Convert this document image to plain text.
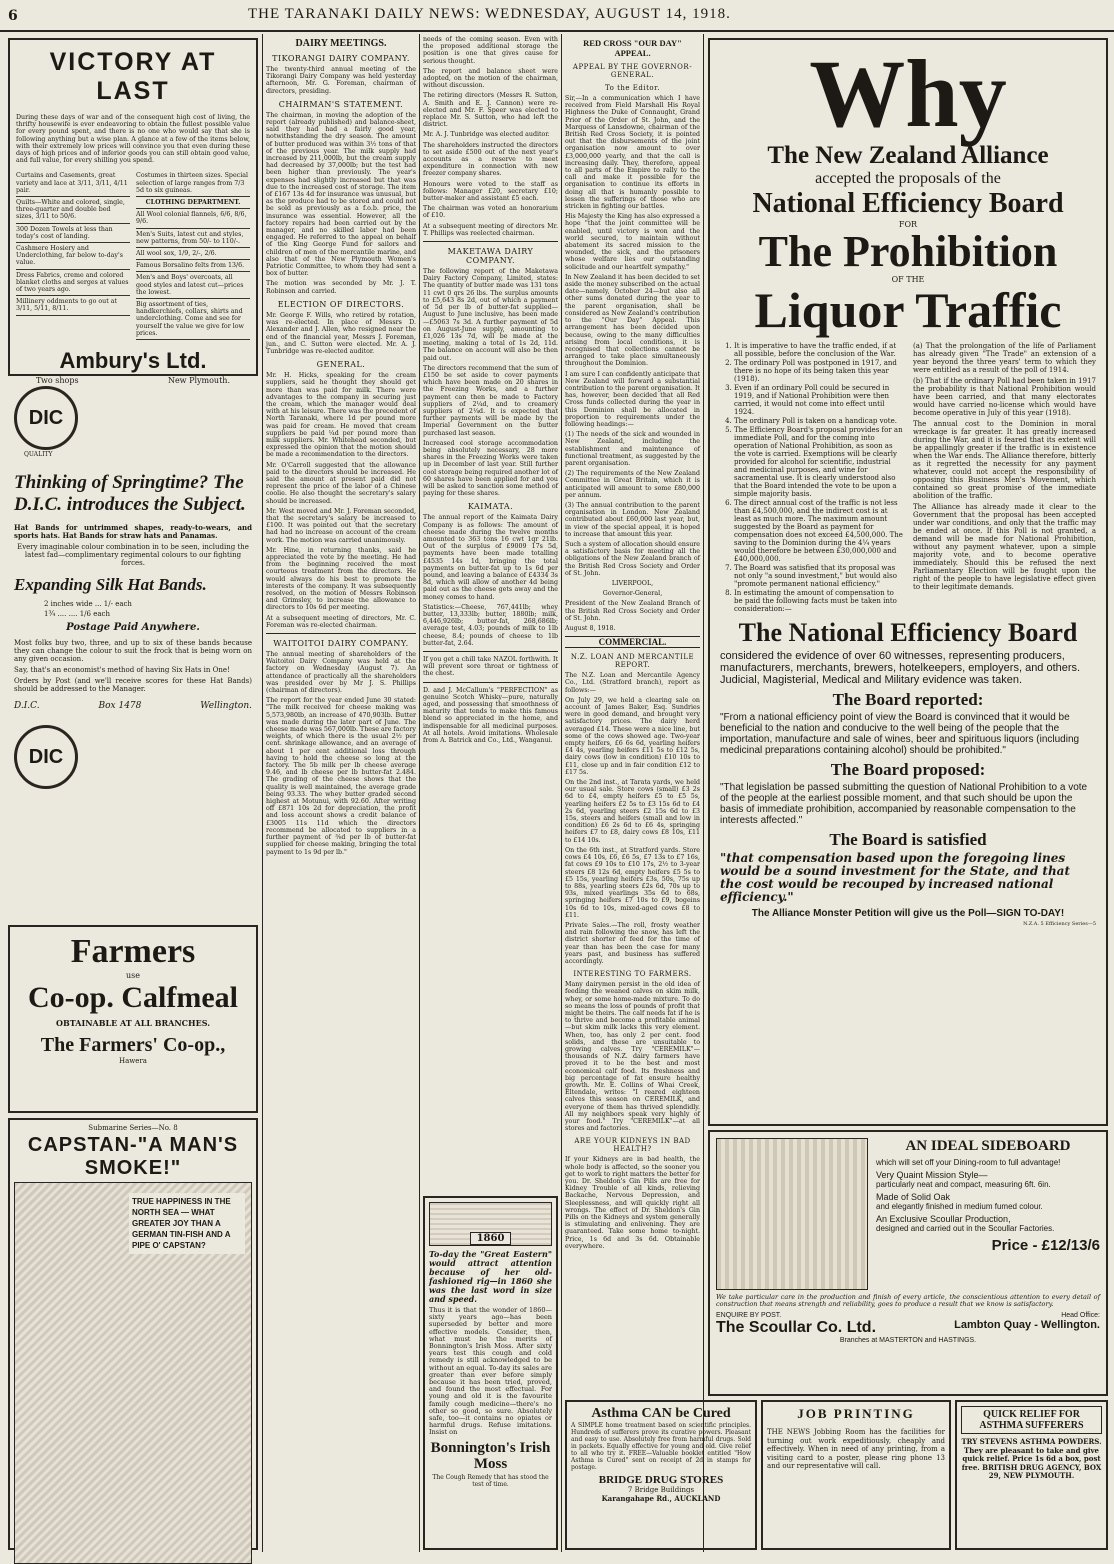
6	THE TARANAKI DAILY NEWS: WEDNESDAY, AUGUST 14, 1918.
VICTORY AT LAST

During these days of war and of the consequent high cost of living, the thrifty housewife is ever endeavoring to obtain the fullest possible value for every pound spent, and there is no one who would say that she is following anything but a wise plan. A glance at a few of the items below, with their extremely low prices will convince you that even during these days of high prices and of inferior goods you can still obtain good value, and full value, for every shilling you spend.

Curtains and Casements, great variety and lace at 3/11, 3/11, 4/11 pair.

Quilts—White and colored, single, three-quarter and double bed sizes, 3/11 to 50/6.

300 Dozen Towels at less than today's cost of landing.

Cashmere Hosiery and Underclothing, far below to-day's value.

Dress Fabrics, creme and colored blanket cloths and serges at values of two years ago.

Millinery oddments to go out at 3/11, 5/11, 8/11.

Costumes in thirteen sizes. Special selection of large ranges from 7/3 5d to six guineas.

CLOTHING DEPARTMENT.

All Wool colonial flannels, 6/6, 8/6, 9/6.

Men's Suits, latest cut and styles, new patterns, from 50/- to 110/-.

All wool sox, 1/9, 2/-, 2/6.

Famous Borsalino felts from 13/6.

Men's and Boys' overcoats, all good styles and latest cut—prices the lowest.

Big assortment of ties, handkerchiefs, collars, shirts and underclothing. Come and see for yourself the value we give for low prices.

Ambury's Ltd.
Two shops	New Plymouth.
DIC
QUALITY
Thinking of Springtime? The D.I.C. introduces the Subject.

Hat Bands for untrimmed shapes, ready-to-wears, and sports hats. Hat Bands for straw hats and Panamas.

Every imaginable colour combination in to be seen, including the latest fad—complimentary regimental colours to our fighting forces.

Expanding Silk Hat Bands.

2 inches wide ... 1/- each

1¾ .... .... 1/6 each

Postage Paid Anywhere.

Most folks buy two, three, and up to six of these bands because they can change the colour to suit the frock that is being worn on any given occasion.

Say, that's an economist's method of having Six Hats in One!

Orders by Post (and we'll receive scores for these Hat Bands) should be addressed to the Manager.

D.I.C.	Box 1478	Wellington.
DIC
Farmers
use
Co-op. Calfmeal
OBTAINABLE AT ALL BRANCHES.
The Farmers' Co-op.,
Hawera
Submarine Series—No. 8
CAPSTAN-"A MAN'S SMOKE!"
TRUE HAPPINESS IN THE NORTH SEA — WHAT GREATER JOY THAN A GERMAN TIN-FISH AND A PIPE O' CAPSTAN?
DAIRY MEETINGS.
TIKORANGI DAIRY COMPANY.

The twenty-third annual meeting of the Tikorangi Dairy Company was held yesterday afternoon, Mr. G. Foreman, chairman of directors, presiding.

CHAIRMAN'S STATEMENT.

The chairman, in moving the adoption of the report (already published) and balance-sheet, said they had had a fairly good year, notwithstanding the dry season. The amount of butter produced was within 3½ tons of that of the previous year. The milk supply had increased by 211,000lb, but the cream supply had decreased by 37,000lb; but the test had been higher than previously. The year's expenses had slightly increased but that was due to the increased cost of storage. The item of £167 13s 4d for insurance was unusual, but as the produce had to be stored and could not be sold as previously as a f.o.b. price, the insurance was essential. However, all the factory repairs had been carried out by the manager, and no skilled labor had been engaged. He referred to the appeal on behalf of the King George Fund for sailors and children of men of the mercantile marine, and also that of the New Plymouth Women's Patriotic Committee, to whom they had sent a box of butter.

The motion was seconded by Mr. J. T. Robinson and carried.

ELECTION OF DIRECTORS.

Mr. George F. Wills, who retired by rotation, was re-elected. In place of Messrs D. Alexander and J. Allen, who resigned near the end of the financial year, Messrs J. Foreman, jun., and C. Sutton were elected. Mr. A. J. Tunbridge was re-elected auditor.

GENERAL.

Mr. H. Hicks, speaking for the cream suppliers, said he thought they should get more than was paid for milk. There were advantages to the company in securing just the cream, which the manager would deal with at his leisure. There was the precedent of North Taranaki, where 1d per pound more was paid for cream. He moved that cream suppliers be paid ¼d per pound more than milk suppliers. Mr. Whitehead seconded, but expressed the opinion that the motion should be made a recommendation to the directors.

Mr. O'Carroll suggested that the allowance paid to the directors should be increased. He said the amount at present paid did not represent the price of the labor of a Chinese coolie. He also thought the secretary's salary should be increased.

Mr. West moved and Mr. J. Foreman seconded, that the secretary's salary be increased to £100. It was pointed out that the secretary had had no increase on account of the cream work. The motion was carried unanimously.

Mr. Hine, in returning thanks, said he appreciated the vote by the meeting. He had from the beginning received the most courteous treatment from the directors. He would always do his best to promote the interests of the company. It was subsequently resolved, on the motion of Messrs Robinson and Grimsley, to increase the allowance to directors to 10s 6d per meeting.

At a subsequent meeting of directors, Mr. C. Foreman was re-elected chairman.

WAITOITOI DAIRY COMPANY.

The annual meeting of shareholders of the Waitoitoi Dairy Company was held at the factory on Wednesday (August 7). An attendance of practically all the shareholders was presided over by Mr J. S. Phillips (chairman of directors).

The report for the year ended June 30 stated: "The milk received for cheese making was 5,573,980lb, an increase of 470,903lb. Butter was made during the later part of June. The cheese made was 567,000lb. These are factory weights, of which there is the usual 2½ per cent. shrinkage allowance, and an average of about 1 per cent additional loss through having to hold the cheese so long at the factory. The 5b milk per lb cheese average 9.46, and lb cheese per lb butter-fat 2.484. The grading of the cheese shows that the quality is well maintained, the average grade being 93.33. The whey butter graded second highest at Motunui, with 92.60. After writing off £871 10s 2d for depreciation, the profit and loss account shows a credit balance of £3005 11s 11d which the directors recommend be allocated to suppliers in a further payment of ⅜d per lb of butter-fat supplied for cheese making, bringing the total payment to 1s 9d per lb."

needs of the coming season. Even with the proposed additional storage the position is one that gives cause for serious thought.

The report and balance sheet were adopted, on the motion of the chairman, without discussion.

The retiring directors (Messrs R. Sutton, A. Smith and E. J. Cannon) were re-elected and Mr. F. Speer was elected to replace Mr. S. Sutton, who had left the district.

Mr. A. J. Tunbridge was elected auditor.

The shareholders instructed the directors to set aside £500 out of the next year's accounts as a reserve to meet expenditure in connection with new freezer company shares.

Honours were voted to the staff as follows: Manager £20, secretary £10; butter-maker and assistant £5 each.

The chairman was voted an honorarium of £10.

At a subsequent meeting of directors Mr. T. Phillips was reelected chairman.

MAKETAWA DAIRY COMPANY.

The following report of the Maketawa Dairy Factory Company, Limited, states: The quantity of butter made was 131 tons 11 cwt 0 qrs 26 lbs. The surplus amounts to £5,643 8s 2d, out of which a payment of 5d per lb of butter-fat supplied—August to June inclusive, has been made—£5063 7s 3d. A further payment of 5d on August-June supply, amounting to £1,026 13s 7d, will be made at the meeting, making a total of 1s 2d, 11d. The balance on account will also be then paid out.

The directors recommend that the sum of £150 be set aside to cover payments which have been made on 20 shares in the Freezing Works, and a further payment can then be made to Factory suppliers of 2¼d, and to creamery suppliers of 2¼d. It is expected that further payments will be made by the Imperial Government on the butter purchased last season.

Increased cool storage accommodation being absolutely necessary, 28 more shares in the Freezing Works were taken up in December of last year. Still further cool storage being required another lot of 60 shares have been applied for and you will be asked to sanction some method of paying for these shares.

KAIMATA.

The annual report of the Kaimata Dairy Company is as follows: The amount of cheese made during the twelve months amounted to 363 tons 16 cwt 1qr 21lb. Out of the surplus of £9009 17s 5d, payments have been made totalling £4535 14s 1d, bringing the total payments on butter-fat up to 1s 6d per pound, and leaving a balance of £4334 3s 8d, which will allow of another 4d being paid out as the cheese gets away and the money comes to hand.

Statistics:—Cheese, 767,441lb; whey butter, 13,333lb; butter, 1880lb; milk, 6,446,926lb; butter-fat, 268,686lb; average test, 4.03; pounds of milk to 1lb cheese, 8.4; pounds of cheese to 1lb butter-fat, 2.64.

If you get a chill take NAZOL forthwith. It will prevent sore throat or tightness of the chest.

D. and J. McCallum's "PERFECTION" as genuine Scotch Whisky—pure, naturally aged, and possessing that smoothness of maturity that tends to make this famous blend so appreciated in the home, and indispensable for all medicinal purposes. At all hotels. Avoid imitations. Wholesale from A. Batrick and Co., Ltd., Wanganui.

1860

To-day the "Great Eastern" would attract attention because of her old-fashioned rig—in 1860 she was the last word in size and speed.

Thus it is that the wonder of 1860—sixty years ago—has been superseded by better and more effective models. Consider, then, what must be the merits of Bonnington's Irish Moss. After sixty years test this cough and cold remedy is still acknowledged to be without an equal. To-day its sales are greater than ever before simply because it has been tried, proved, and found the most effectual. For young and old it is the favourite family cough medicine—there's no other so good, so sure. Absolutely safe, too—it contains no opiates or harmful drugs. Refuse imitations. Insist on

Bonnington's Irish Moss
The Cough Remedy that has stood the test of time.
RED CROSS "OUR DAY" APPEAL.
APPEAL BY THE GOVERNOR-GENERAL.
To the Editor.

Sir,—In a communication which I have received from Field Marshall His Royal Highness the Duke of Connaught, Grand Prior of the Order of St. John, and the Marquess of Lansdowne, chairman of the British Red Cross Society, it is pointed out that the disbursements of the joint organisation now amount to over £3,000,000 yearly, and that the call is increasing daily. They, therefore, appeal to all parts of the Empire to rally to the call and make it possible for the organisation to continue its efforts in doing all that is humanly possible to lessen the sufferings of those who are stricken in fighting our battles.

His Majesty the King has also expressed a hope "that the joint committee will be enabled, until victory is won and the world secured, to maintain without abatement its sacred mission to the wounded, the sick, and the prisoners whose welfare lies our outstanding solicitude and our heartfelt sympathy."

In New Zealand it has been decided to set aside the money subscribed on the actual date—namely, October 24—but also all other sums donated during the year to the parent organisation, shall be considered as New Zealand's contribution to the "Our Day" Appeal. This arrangement has been decided upon because, owing to the many difficulties arising from local conditions, it is recognised that collections cannot be arranged to take place simultaneously throughout the Dominion.

I am sure I can confidently anticipate that New Zealand will forward a substantial contribution to the parent organisation. It has, however, been decided that all Red Cross funds collected during the year in this Dominion shall be allocated in proportion to requirements under the following headings:—

(1) The needs of the sick and wounded in New Zealand, including the establishment and maintenance of functional treatment, as suggested by the parent organisation.

(2) The requirements of the New Zealand Committee in Great Britain, which it is anticipated will amount to some £80,000 per annum.

(3) The annual contribution to the parent organisation in London. New Zealand contributed about £60,000 last year, but, in view of the special appeal, it is hoped to increase that amount this year.

Such a system of allocation should ensure a satisfactory basis for meeting all the obligations of the New Zealand branch of the British Red Cross Society and Order of St. John.

LIVERPOOL,

Governor-General,

President of the New Zealand Branch of the British Red Cross Society and Order of St. John.

August 8, 1918.

COMMERCIAL.
N.Z. LOAN AND MERCANTILE REPORT.

The N.Z. Loan and Mercantile Agency Co., Ltd. (Stratford branch), report as follows:—

On July 29, we held a clearing sale on account of James Baker, Esq. Sundries were in good demand, and brought very satisfactory prices. The dairy herd averaged £14. These were a nice line, but some of the cows showed age. Two-year empty heifers, £6 6s 6d, yearling heifers £4 4s, yearling heifers £11 5s to £12 5s, dairy cows (low in condition) £10 10s to £11, close up and in fair condition £12 to £17 5s.

On the 2nd inst., at Tarata yards, we held our usual sale. Store cows (small) £3 2s 6d to £4, empty heifers £5 to £5 5s, yearling heifers £2 5s to £3 15s 6d to £4 2s 6d, yearling steers £2 15s 6d to £3 15s, steers and heifers (small and low in condition) £6 2s 6d to £6 4s, springing heifers £7 to £8, dairy cows £8 10s, £11 to £14 10s.

On the 6th inst., at Stratford yards. Store cows £4 10s, £6, £6 5s, £7 13s to £7 16s, fat cows £9 10s to £10 17s, 2½ to 3-year steers £8 12s 6d, empty heifers £5 5s to £5 15s, yearling heifers £3s, 50s, 75s up to 88s, yearling steers £2s 6d, 70s up to 93s, mixed yearlings 35s 6d to 68s, springing heifers £7 10s to £9, bogeins 10s 6d to 10s, mixed-aged cows £8 to £11.

Private Sales.—The roll, frosty weather and rain following the snow, has left the district shorter of feed for the time of year than has been the case for many years past, and business has suffered accordingly.

INTERESTING TO FARMERS.

Many dairymen persist in the old idea of feeding the weaned calves on skim milk, whey, or some home-made mixture. To do so means the loss of pounds of profit that might be theirs. The calf needs fat if he is to thrive and become a profitable animal—but skim milk lacks this very element. When, too, has only 2 per cent. food solids, and these are unsuitable to growing calves. Try "CEREMILK"—thousands of N.Z. dairy farmers have proved it to be the best and most economical calf food. Its freshness and big percentage of fat ensure healthy growth. Mr. E. Collins of Whai Creek, Eltendale, writes: "I reared eighteen calves this season on CEREMILK, and everyone of them has thrived splendidly. All my neighbors speak very highly of your food." Try "CEREMILK"—at all stores and factories.

ARE YOUR KIDNEYS IN BAD HEALTH?

If your Kidneys are in bad health, the whole body is affected, so the sooner you get to work to right matters the better for you. Dr. Sheldon's Gin Pills are free for Kidney Trouble of all kinds, relieving Backache, Nervous Depression, and Sleeplessness, and will quickly right all wrongs. The effect of Dr. Sheldon's Gin Pills on the Kidneys and system generally is stimulating and enlivening. They are guaranteed. Take some home to-night. Price, 1s 6d and 3s 6d. Obtainable everywhere.

Why
The New Zealand Alliance
accepted the proposals of the
National Efficiency Board
FOR
The Prohibition
OF THE
Liquor Traffic
1. It is imperative to have the traffic ended, if at all possible, before the conclusion of the War.
2. The ordinary Poll was postponed in 1917, and there is no hope of its being taken this year (1918).
3. Even if an ordinary Poll could be secured in 1919, and if National Prohibition were then carried, it would not come into effect until 1924.
4. The ordinary Poll is taken on a handicap vote.
5. The Efficiency Board's proposal provides for an immediate Poll, and for the coming into operation of National Prohibition, as soon as the vote is carried. Exemptions will be clearly provided for alcohol for scientific, industrial and medicinal purposes, and wine for sacramental use. It is clearly understood also that the Board intended the vote to be upon a simple majority basis.
6. The direct annual cost of the traffic is not less than £4,500,000, and the indirect cost is at least as much more. The maximum amount suggested by the Board as payment for compensation does not exceed £4,500,000. The saving to the Dominion during the 4¼ years would therefore be between £30,000,000 and £40,000,000.
7. The Board was satisfied that its proposal was not only "a sound investment," but would also "promote permanent national efficiency."
8. In estimating the amount of compensation to be paid the following facts must be taken into consideration:—

(a) That the prolongation of the life of Parliament has already given "The Trade" an extension of a year beyond the three years' term to which they were entitled as a result of the poll of 1914.

(b) That if the ordinary Poll had been taken in 1917 the probability is that National Prohibition would have been carried, and that many electorates would have carried no-license which would have become operative in July of this year (1918).

The annual cost to the Dominion in moral wreckage is far greater. It has greatly increased during the War, and it is feared that its extent will be appallingly greater if the traffic is in existence when the War ends. The Alliance therefore, bitterly as it regretted the necessity for any payment whatever, could not accept the responsibility of opposing this Business Men's Movement, which contained so great promise of the immediate abolition of the traffic.

The Alliance has already made it clear to the Government that the proposal has been accepted under war conditions, and only that the traffic may be ended at once. If this Poll is not granted, a demand will be made for National Prohibition, without any payment whatever, upon a simple majority vote, and to become operative immediately. Should this be refused the next Parliamentary Election will be fought upon the right of the people to have legislative effect given to their legitimate demands.

The National Efficiency Board

considered the evidence of over 60 witnesses, representing producers, manufacturers, merchants, brewers, hotelkeepers, employers, and others. Judicial, Magisterial, Medical and Military evidence was taken.

The Board reported:

"From a national efficiency point of view the Board is convinced that it would be beneficial to the nation and conducive to the well being of the people that the importation, manufacture and sale of wines, beer and spirituous liquors (including medicinal preparations containing alcohol) should be prohibited."

The Board proposed:

"That legislation be passed submitting the question of National Prohibition to a vote of the people at the earliest possible moment, and that such should be upon the basis of immediate prohibition, accompanied by reasonable compensation to the interests affected."

The Board is satisfied

"that compensation based upon the foregoing lines would be a sound investment for the State, and that the cost would be recouped by increased national efficiency."

The Alliance Monster Petition will give us the Poll—SIGN TO-DAY!
N.Z.A. 5 Efficiency Series—5
AN IDEAL SIDEBOARD
which will set off your Dining-room to full advantage!
Very Quaint Mission Style—
particularly neat and compact, measuring 6ft. 6in.
Made of Solid Oak
and elegantly finished in medium fumed colour.
An Exclusive Scoullar Production,
designed and carried out in the Scoullar Factories.
Price - £12/13/6

We take particular care in the production and finish of every article, the conscientious attention to every detail of construction that means strength and reliability, goes to produce a result that we know is satisfactory.

ENQUIRE BY POST.	Head Office:
The Scoullar Co. Ltd.	Lambton Quay - Wellington.
Branches at MASTERTON and HASTINGS.
Asthma CAN be Cured

A SIMPLE home treatment based on scientific principles. Hundreds of sufferers prove its curative powers. Pleasant and easy to use. Absolutely free from harmful drugs. Sold in packets. Equally effective for young and old. Give relief to all who try it. FREE—Valuable booklet entitled "How Asthma is Cured" sent on receipt of 2d in stamps for postage.

BRIDGE DRUG STORES
7 Bridge Buildings
Karangahape Rd., AUCKLAND
JOB PRINTING

THE NEWS Jobbing Room has the facilities for turning out work expeditiously, cheaply and effectively. When in need of any printing, from a visiting card to a poster, please ring phone 13 and our representative will call.

QUICK RELIEF FOR ASTHMA SUFFERERS

TRY STEVENS ASTHMA POWDERS. They are pleasant to take and give quick relief. Price 1s 6d a box, post free. BRITISH DRUG AGENCY, BOX 29, NEW PLYMOUTH.
